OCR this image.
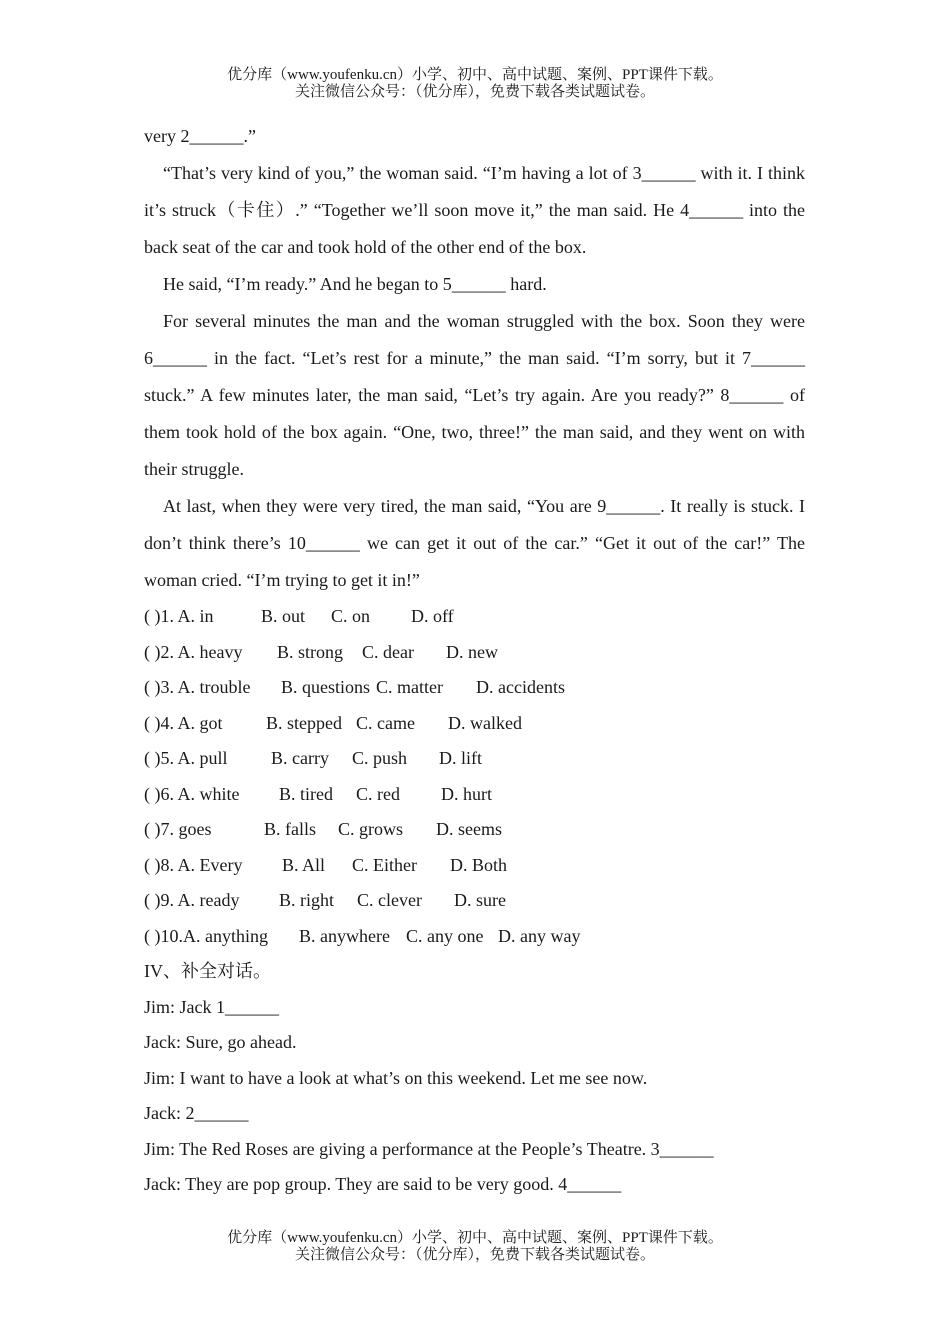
优分库（www.youfenku.cn）小学、初中、高中试题、案例、PPT课件下载。
关注微信公众号：（优分库），免费下载各类试题试卷。

very 2______.”

“That’s very kind of you,” the woman said. “I’m having a lot of 3______ with it. I think it’s struck（卡住）.” “Together we’ll soon move it,” the man said. He 4______ into the back seat of the car and took hold of the other end of the box.

He said, “I’m ready.” And he began to 5______ hard.

For several minutes the man and the woman struggled with the box. Soon they were 6______ in the fact. “Let’s rest for a minute,” the man said. “I’m sorry, but it 7______ stuck.” A few minutes later, the man said, “Let’s try again. Are you ready?” 8______ of them took hold of the box again. “One, two, three!” the man said, and they went on with their struggle.

At last, when they were very tired, the man said, “You are 9______. It really is stuck. I don’t think there’s 10______ we can get it out of the car.” “Get it out of the car!” The woman cried. “I’m trying to get it in!”

( )1. A. in	B. out C. on D. off
( )2. A. heavy B. strong C. dear D. new
( )3. A. trouble B. questions C. matter D. accidents
( )4. A. got B. stepped C. came D. walked
( )5. A. pull B. carry C. push D. lift
( )6. A. white B. tired C. red D. hurt
( )7. goes	B. falls C. grows D. seems
( )8. A. Every B. All C. Either D. Both
( )9. A. ready B. right C. clever D. sure
( )10.A. anything B. anywhere C. any one D. any way
IV、补全对话。
Jim: Jack 1______
Jack: Sure, go ahead.
Jim: I want to have a look at what’s on this weekend. Let me see now.
Jack: 2______
Jim: The Red Roses are giving a performance at the People’s Theatre. 3______
Jack: They are pop group. They are said to be very good. 4______
优分库（www.youfenku.cn）小学、初中、高中试题、案例、PPT课件下载。
关注微信公众号：（优分库），免费下载各类试题试卷。
